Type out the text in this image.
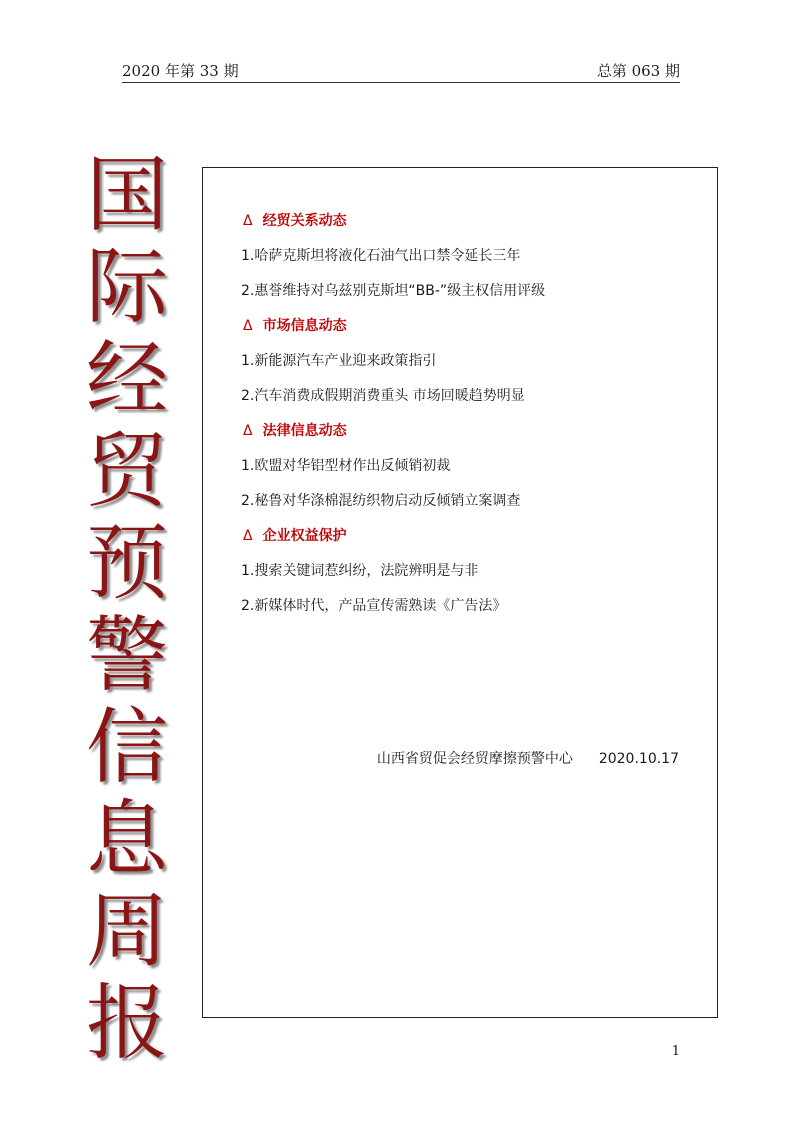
2020 年第 33 期	总第 063 期
国
际
经
贸
预
警
信
息
周
报
Δ 经贸关系动态
1.哈萨克斯坦将液化石油气出口禁令延长三年
2.惠誉维持对乌兹别克斯坦“BB-”级主权信用评级
Δ 市场信息动态
1.新能源汽车产业迎来政策指引
2.汽车消费成假期消费重头 市场回暖趋势明显
Δ 法律信息动态
1.欧盟对华铝型材作出反倾销初裁
2.秘鲁对华涤棉混纺织物启动反倾销立案调查
Δ 企业权益保护
1.搜索关键词惹纠纷，法院辨明是与非
2.新媒体时代，产品宣传需熟读《广告法》
山西省贸促会经贸摩擦预警中心 2020.10.17
1
